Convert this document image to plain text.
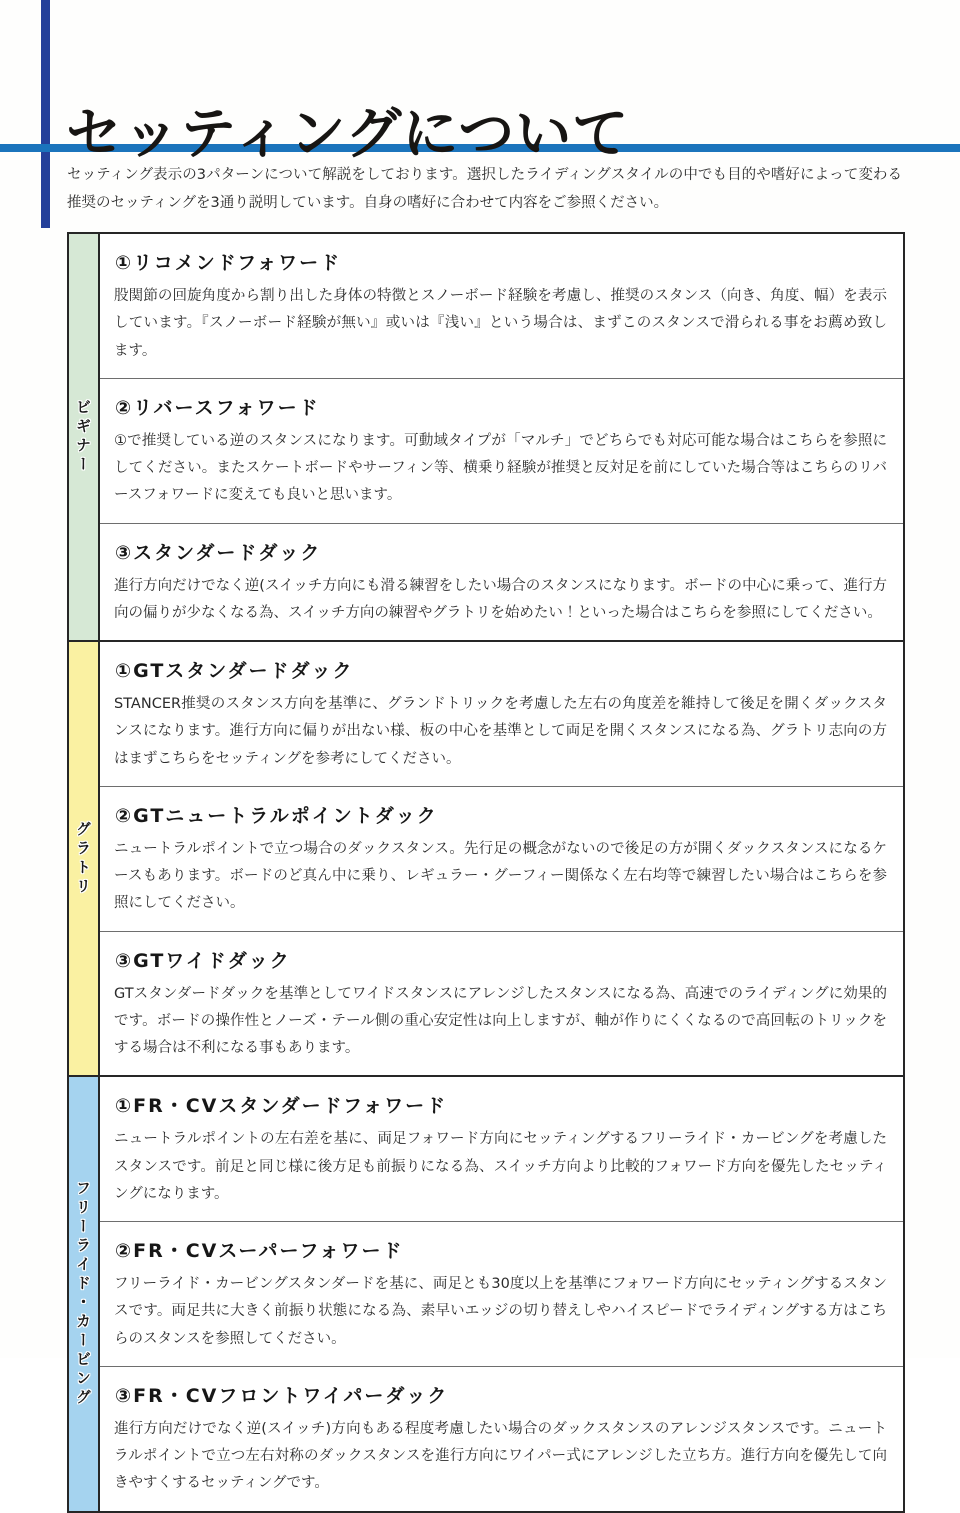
セッティングについて
セッティング表示の3パターンについて解説をしております。選択したライディングスタイルの中でも目的や嗜好によって変わる 推奨のセッティングを3通り説明しています。自身の嗜好に合わせて内容をご参照ください。
ビギナー
①リコメンドフォワード

股関節の回旋角度から割り出した身体の特徴とスノーボード経験を考慮し、推奨のスタンス（向き、角度、幅）を表示しています。『スノーボード経験が無い』或いは『浅い』という場合は、まずこのスタンスで滑られる事をお薦め致します。

②リバースフォワード

①で推奨している逆のスタンスになります。可動域タイプが「マルチ」でどちらでも対応可能な場合はこちらを参照にしてください。またスケートボードやサーフィン等、横乗り経験が推奨と反対足を前にしていた場合等はこちらのリバースフォワードに変えても良いと思います。

③スタンダードダック

進行方向だけでなく逆(スイッチ方向にも滑る練習をしたい場合のスタンスになります。ボードの中心に乗って、進行方向の偏りが少なくなる為、スイッチ方向の練習やグラトリを始めたい！といった場合はこちらを参照にしてください。

グラトリ
①GTスタンダードダック

STANCER推奨のスタンス方向を基準に、グランドトリックを考慮した左右の角度差を維持して後足を開くダックスタンスになります。進行方向に偏りが出ない様、板の中心を基準として両足を開くスタンスになる為、グラトリ志向の方はまずこちらをセッティングを参考にしてください。

②GTニュートラルポイントダック

ニュートラルポイントで立つ場合のダックスタンス。先行足の概念がないので後足の方が開くダックスタンスになるケースもあります。ボードのど真ん中に乗り、レギュラー・グーフィー関係なく左右均等で練習したい場合はこちらを参照にしてください。

③GTワイドダック

GTスタンダードダックを基準としてワイドスタンスにアレンジしたスタンスになる為、高速でのライディングに効果的です。ボードの操作性とノーズ・テール側の重心安定性は向上しますが、軸が作りにくくなるので高回転のトリックをする場合は不利になる事もあります。

フリーライド・カービング
①FR・CVスタンダードフォワード

ニュートラルポイントの左右差を基に、両足フォワード方向にセッティングするフリーライド・カービングを考慮したスタンスです。前足と同じ様に後方足も前振りになる為、スイッチ方向より比較的フォワード方向を優先したセッティングになります。

②FR・CVスーパーフォワード

フリーライド・カービングスタンダードを基に、両足とも30度以上を基準にフォワード方向にセッティングするスタンスです。両足共に大きく前振り状態になる為、素早いエッジの切り替えしやハイスピードでライディングする方はこちらのスタンスを参照してください。

③FR・CVフロントワイパーダック

進行方向だけでなく逆(スイッチ)方向もある程度考慮したい場合のダックスタンスのアレンジスタンスです。ニュートラルポイントで立つ左右対称のダックスタンスを進行方向にワイパー式にアレンジした立ち方。進行方向を優先して向きやすくするセッティングです。
